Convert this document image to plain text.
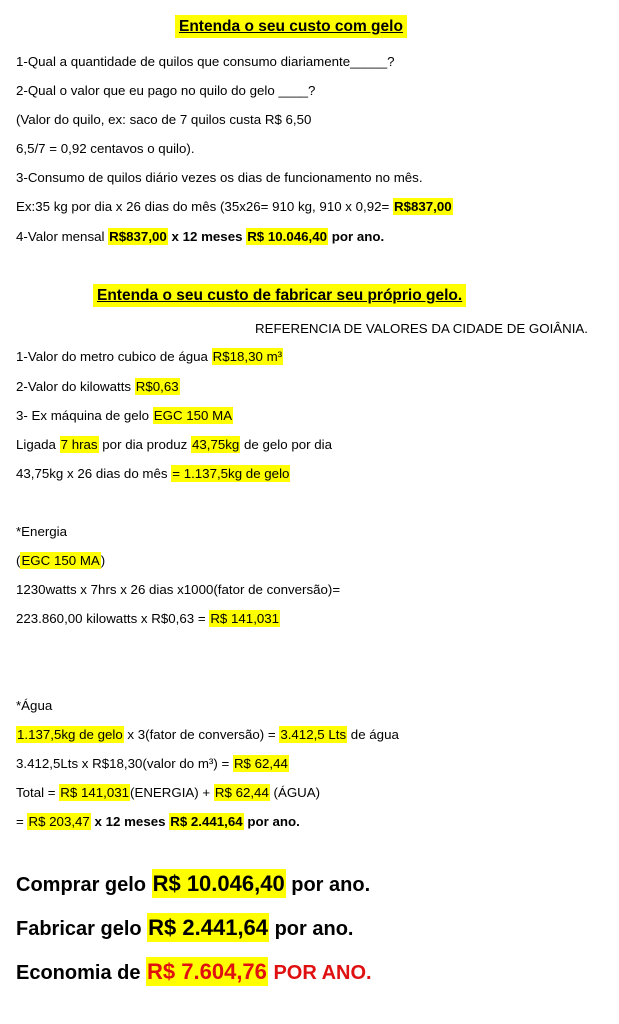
Entenda o seu custo com gelo
1-Qual a quantidade de quilos que consumo diariamente_____?
2-Qual o valor que eu pago no quilo do gelo ____?
(Valor do quilo, ex: saco de 7 quilos custa R$ 6,50
6,5/7 = 0,92 centavos o quilo).
3-Consumo de quilos diário vezes os dias de funcionamento no mês.
Ex:35 kg por dia x 26 dias do mês (35x26= 910 kg, 910 x 0,92= R$837,00
4-Valor mensal R$837,00 x 12 meses R$ 10.046,40 por ano.
Entenda o seu custo de fabricar seu próprio gelo.
REFERENCIA DE VALORES DA CIDADE DE GOIÂNIA.
1-Valor do metro cubico de água R$18,30 m³
2-Valor do kilowatts R$0,63
3- Ex máquina de gelo EGC 150 MA
Ligada 7 hras por dia produz 43,75kg de gelo por dia
43,75kg x 26 dias do mês = 1.137,5kg de gelo
*Energia
(EGC 150 MA)
1230watts x 7hrs x 26 dias x1000(fator de conversão)=
223.860,00 kilowatts x R$0,63 = R$ 141,031
*Água
1.137,5kg de gelo x 3(fator de conversão) = 3.412,5 Lts de água
3.412,5Lts x R$18,30(valor do m³) = R$ 62,44
Total = R$ 141,031(ENERGIA) + R$ 62,44 (ÁGUA)
= R$ 203,47 x 12 meses R$ 2.441,64 por ano.
Comprar gelo R$ 10.046,40 por ano.
Fabricar gelo R$ 2.441,64 por ano.
Economia de R$ 7.604,76 POR ANO.
